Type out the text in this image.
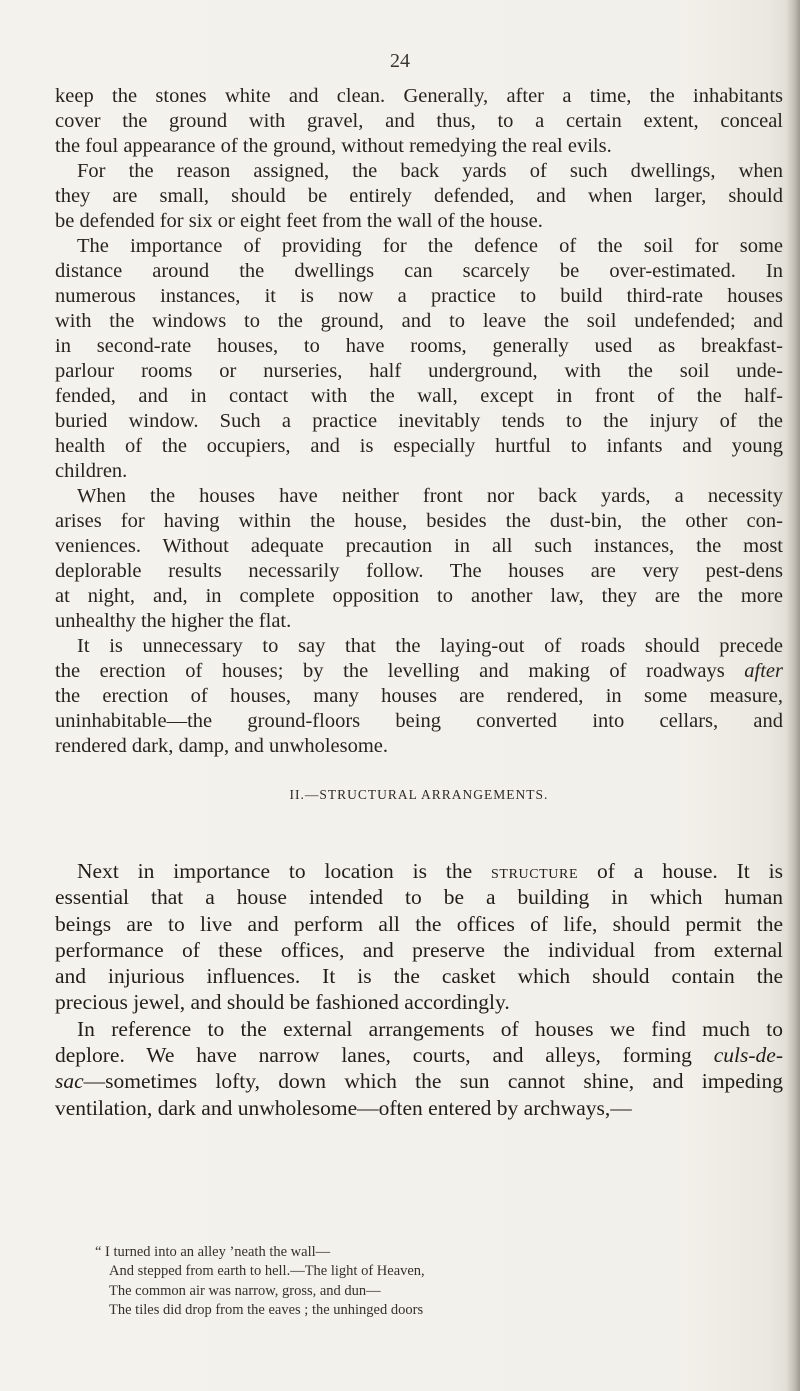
24
keep the stones white and clean. Generally, after a time, the inhabitants
cover the ground with gravel, and thus, to a certain extent, conceal
the foul appearance of the ground, without remedying the real evils.
For the reason assigned, the back yards of such dwellings, when
they are small, should be entirely defended, and when larger, should
be defended for six or eight feet from the wall of the house.
The importance of providing for the defence of the soil for some
distance around the dwellings can scarcely be over-estimated. In
numerous instances, it is now a practice to build third-rate houses
with the windows to the ground, and to leave the soil undefended; and
in second-rate houses, to have rooms, generally used as breakfast-
parlour rooms or nurseries, half underground, with the soil unde-
fended, and in contact with the wall, except in front of the half-
buried window. Such a practice inevitably tends to the injury of the
health of the occupiers, and is especially hurtful to infants and young
children.
When the houses have neither front nor back yards, a necessity
arises for having within the house, besides the dust-bin, the other con-
veniences. Without adequate precaution in all such instances, the most
deplorable results necessarily follow. The houses are very pest-dens
at night, and, in complete opposition to another law, they are the more
unhealthy the higher the flat.
It is unnecessary to say that the laying-out of roads should precede
the erection of houses; by the levelling and making of roadways after
the erection of houses, many houses are rendered, in some measure,
uninhabitable—the ground-floors being converted into cellars, and
rendered dark, damp, and unwholesome.
II.—STRUCTURAL ARRANGEMENTS.
Next in importance to location is the structure of a house. It is
essential that a house intended to be a building in which human
beings are to live and perform all the offices of life, should permit the
performance of these offices, and preserve the individual from external
and injurious influences. It is the casket which should contain the
precious jewel, and should be fashioned accordingly.
In reference to the external arrangements of houses we find much to
deplore. We have narrow lanes, courts, and alleys, forming culs-de-
sac—sometimes lofty, down which the sun cannot shine, and impeding
ventilation, dark and unwholesome—often entered by archways,—
“ I turned into an alley ’neath the wall—
And stepped from earth to hell.—The light of Heaven,
The common air was narrow, gross, and dun—
The tiles did drop from the eaves ; the unhinged doors
